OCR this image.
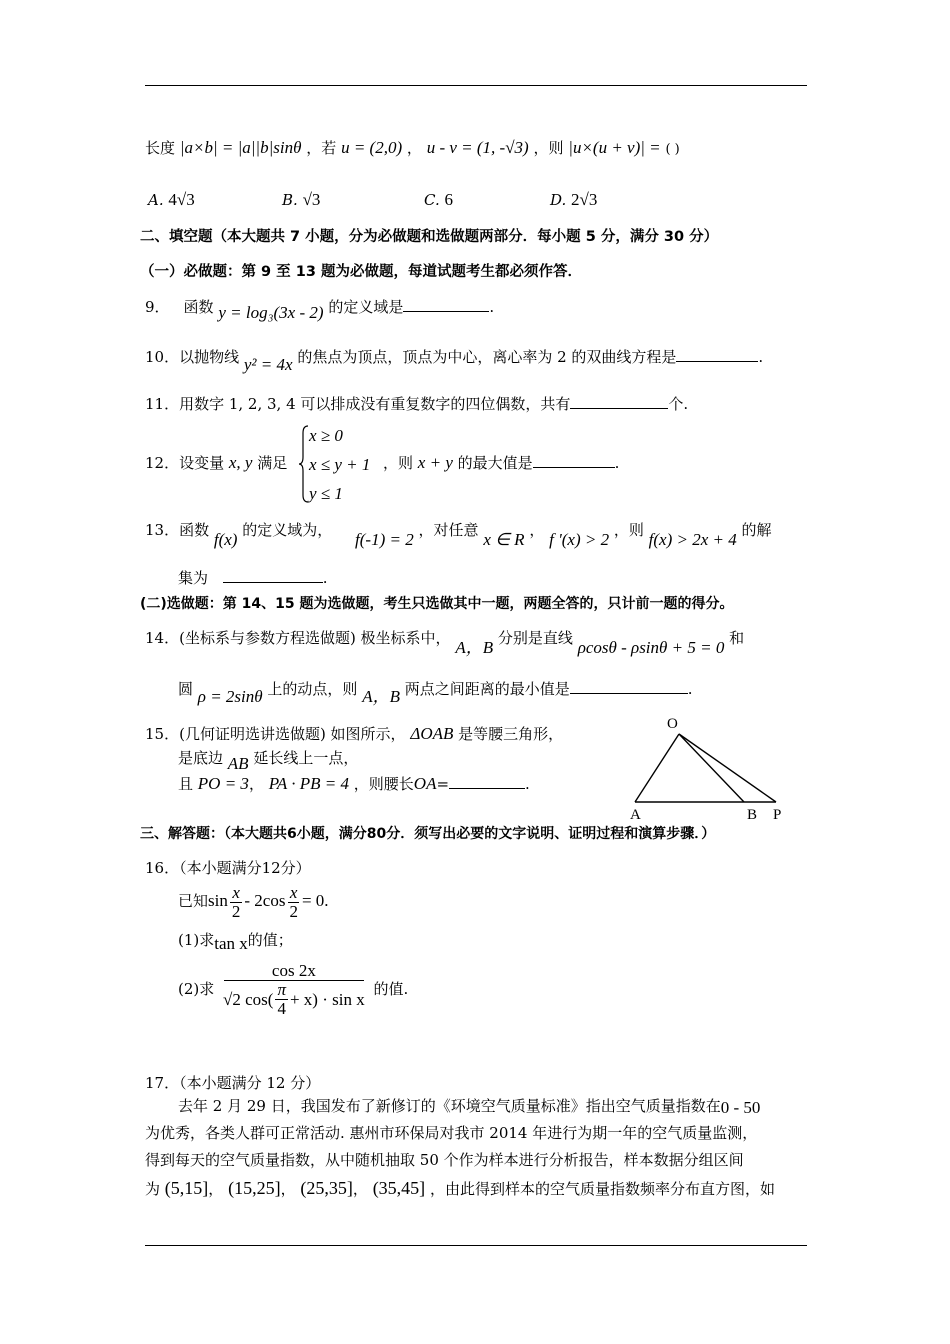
长度 |a×b| = |a||b|sinθ ，若 u = (2,0) ， u - v = (1, -√3) ，则 |u×(u + v)| = ( )
A. 4√3	B. √3	C. 6	D. 2√3
二、填空题（本大题共 7 小题，分为必做题和选做题两部分．每小题 5 分，满分 30 分）
（一）必做题：第 9 至 13 题为必做题，每道试题考生都必须作答．
9． 函数 y = log₃(3x - 2) 的定义域是	.
10．以抛物线 y² = 4x 的焦点为顶点，顶点为中心，离心率为 2 的双曲线方程是	.
11．用数字 1, 2, 3, 4 可以排成没有重复数字的四位偶数，共有	个.
12．设变量 x, y 满足
x ≥ 0
x ≤ y + 1
y ≤ 1
，则 x + y 的最大值是	.
13．函数 f(x) 的定义域为， f(-1) = 2 ，对任意 x ∈ R ， f '(x) > 2 ，则 f(x) > 2x + 4 的解
集为	.
(二)选做题：第 14、15 题为选做题，考生只选做其中一题，两题全答的，只计前一题的得分。
14．(坐标系与参数方程选做题) 极坐标系中， A，B 分别是直线 ρcosθ - ρsinθ + 5 = 0 和
圆 ρ = 2sinθ 上的动点，则 A，B 两点之间距离的最小值是	.
15．(几何证明选讲选做题) 如图所示， ΔOAB 是等腰三角形，
是底边 AB 延长线上一点，
且 PO = 3， PA · PB = 4 ，则腰长OA=	.
O
A	B P
三、解答题：（本大题共6小题，满分80分．须写出必要的文字说明、证明过程和演算步骤．）
16．（本小题满分12分）
已知$\sin \frac{x}{2} - 2\cos \frac{x}{2} = 0$.
(1)求tan x的值；
(2)求 $\frac{\cos 2x}{√2 \cos( \frac{\pi}{4} + x) \cdot \sin x}$ 的值.
17．（本小题满分 12 分）
去年 2 月 29 日，我国发布了新修订的《环境空气质量标准》指出空气质量指数在0 - 50
为优秀，各类人群可正常活动. 惠州市环保局对我市 2014 年进行为期一年的空气质量监测，
得到每天的空气质量指数，从中随机抽取 50 个作为样本进行分析报告，样本数据分组区间
为 (5,15]， (15,25]， (25,35]， (35,45] ，由此得到样本的空气质量指数频率分布直方图，如
